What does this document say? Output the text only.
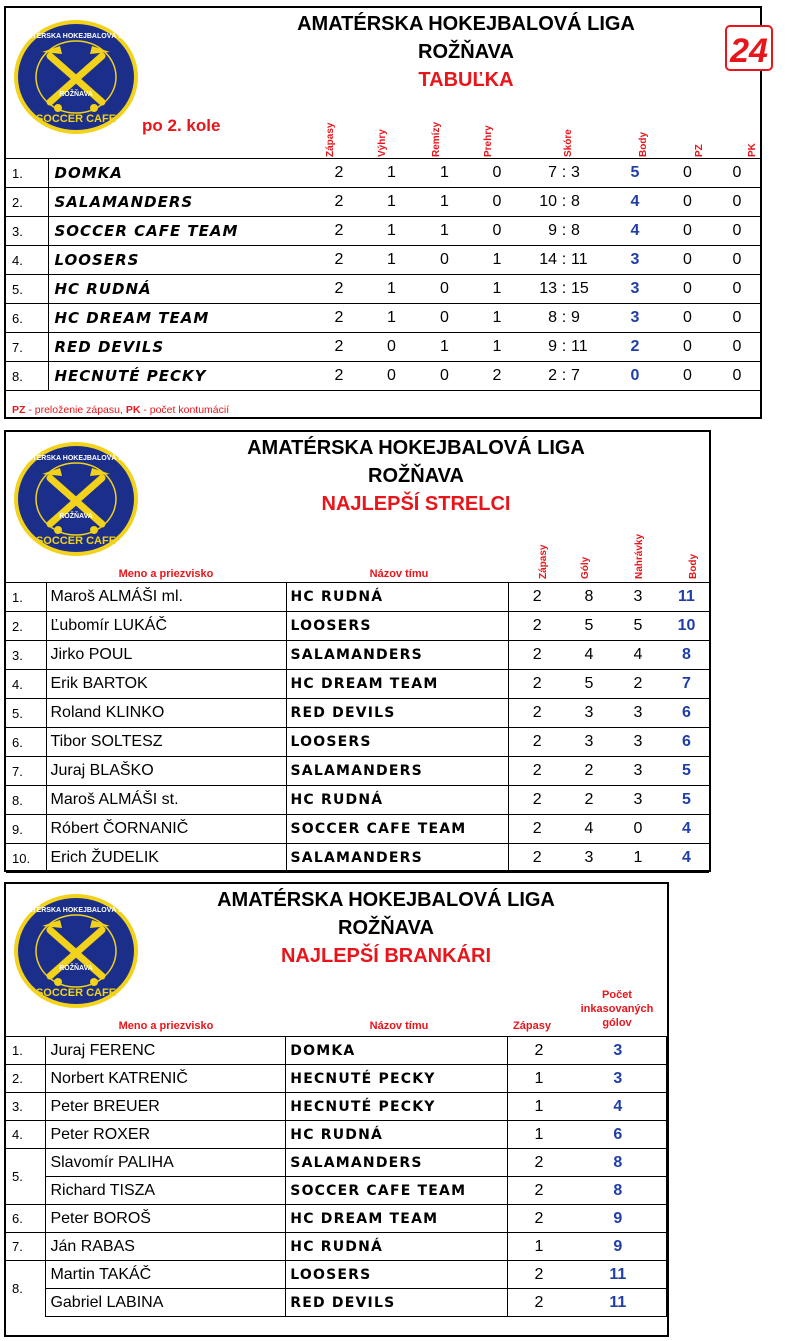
ROŽŇAVA
SOCCER CAFE
AMATÉRSKA HOKEJBALOVÁ LIGA
AMATÉRSKA HOKEJBALOVÁ LIGA
ROŽŇAVA
TABUĽKA
po 2. kole	Zápasy	Výhry	Remízy	Prehry	Skóre	Body	PZ	PK
1.	DOMKA	2	1	1	0	7	:	3	5	0	0
2.	SALAMANDERS	2	1	1	0	10	:	8	4	0	0
3.	SOCCER CAFE TEAM	2	1	1	0	9	:	8	4	0	0
4.	LOOSERS	2	1	0	1	14	:	11	3	0	0
5.	HC RUDNÁ	2	1	0	1	13	:	15	3	0	0
6.	HC DREAM TEAM	2	1	0	1	8	:	9	3	0	0
7.	RED DEVILS	2	0	1	1	9	:	11	2	0	0
8.	HECNUTÉ PECKY	2	0	0	2	2	:	7	0	0	0
PZ - preloženie zápasu, PK - počet kontumácií
ROŽŇAVA
SOCCER CAFE
AMATÉRSKA HOKEJBALOVÁ LIGA	AMATÉRSKA HOKEJBALOVÁ LIGA
ROŽŇAVA
NAJLEPŠÍ STRELCI
Meno a priezvisko	Názov tímu	Zápasy	Góly	Nahrávky	Body
1.	Maroš ALMÁŠI ml.	HC RUDNÁ	2	8	3	11
2.	Ľubomír LUKÁČ	LOOSERS	2	5	5	10
3.	Jirko POUL	SALAMANDERS	2	4	4	8
4.	Erik BARTOK	HC DREAM TEAM	2	5	2	7
5.	Roland KLINKO	RED DEVILS	2	3	3	6
6.	Tibor SOLTESZ	LOOSERS	2	3	3	6
7.	Juraj BLAŠKO	SALAMANDERS	2	2	3	5
8.	Maroš ALMÁŠI st.	HC RUDNÁ	2	2	3	5
9.	Róbert ČORNANIČ	SOCCER CAFE TEAM	2	4	0	4
10.	Erich ŽUDELIK	SALAMANDERS	2	3	1	4
ROŽŇAVA
SOCCER CAFE
AMATÉRSKA HOKEJBALOVÁ LIGA	AMATÉRSKA HOKEJBALOVÁ LIGA
ROŽŇAVA
NAJLEPŠÍ BRANKÁRI
Meno a priezvisko	Názov tímu	Zápasy
Počet inkasovaných gólov
1.	Juraj FERENC	DOMKA	2	3
2.	Norbert KATRENIČ	HECNUTÉ PECKY	1	3
3.	Peter BREUER	HECNUTÉ PECKY	1	4
4.	Peter ROXER	HC RUDNÁ	1	6
5.	Slavomír PALIHA	SALAMANDERS	2	8
	Richard TISZA	SOCCER CAFE TEAM	2	8
6.	Peter BOROŠ	HC DREAM TEAM	2	9
7.	Ján RABAS	HC RUDNÁ	1	9
8.	Martin TAKÁČ	LOOSERS	2	11
	Gabriel LABINA	RED DEVILS	2	11
24
